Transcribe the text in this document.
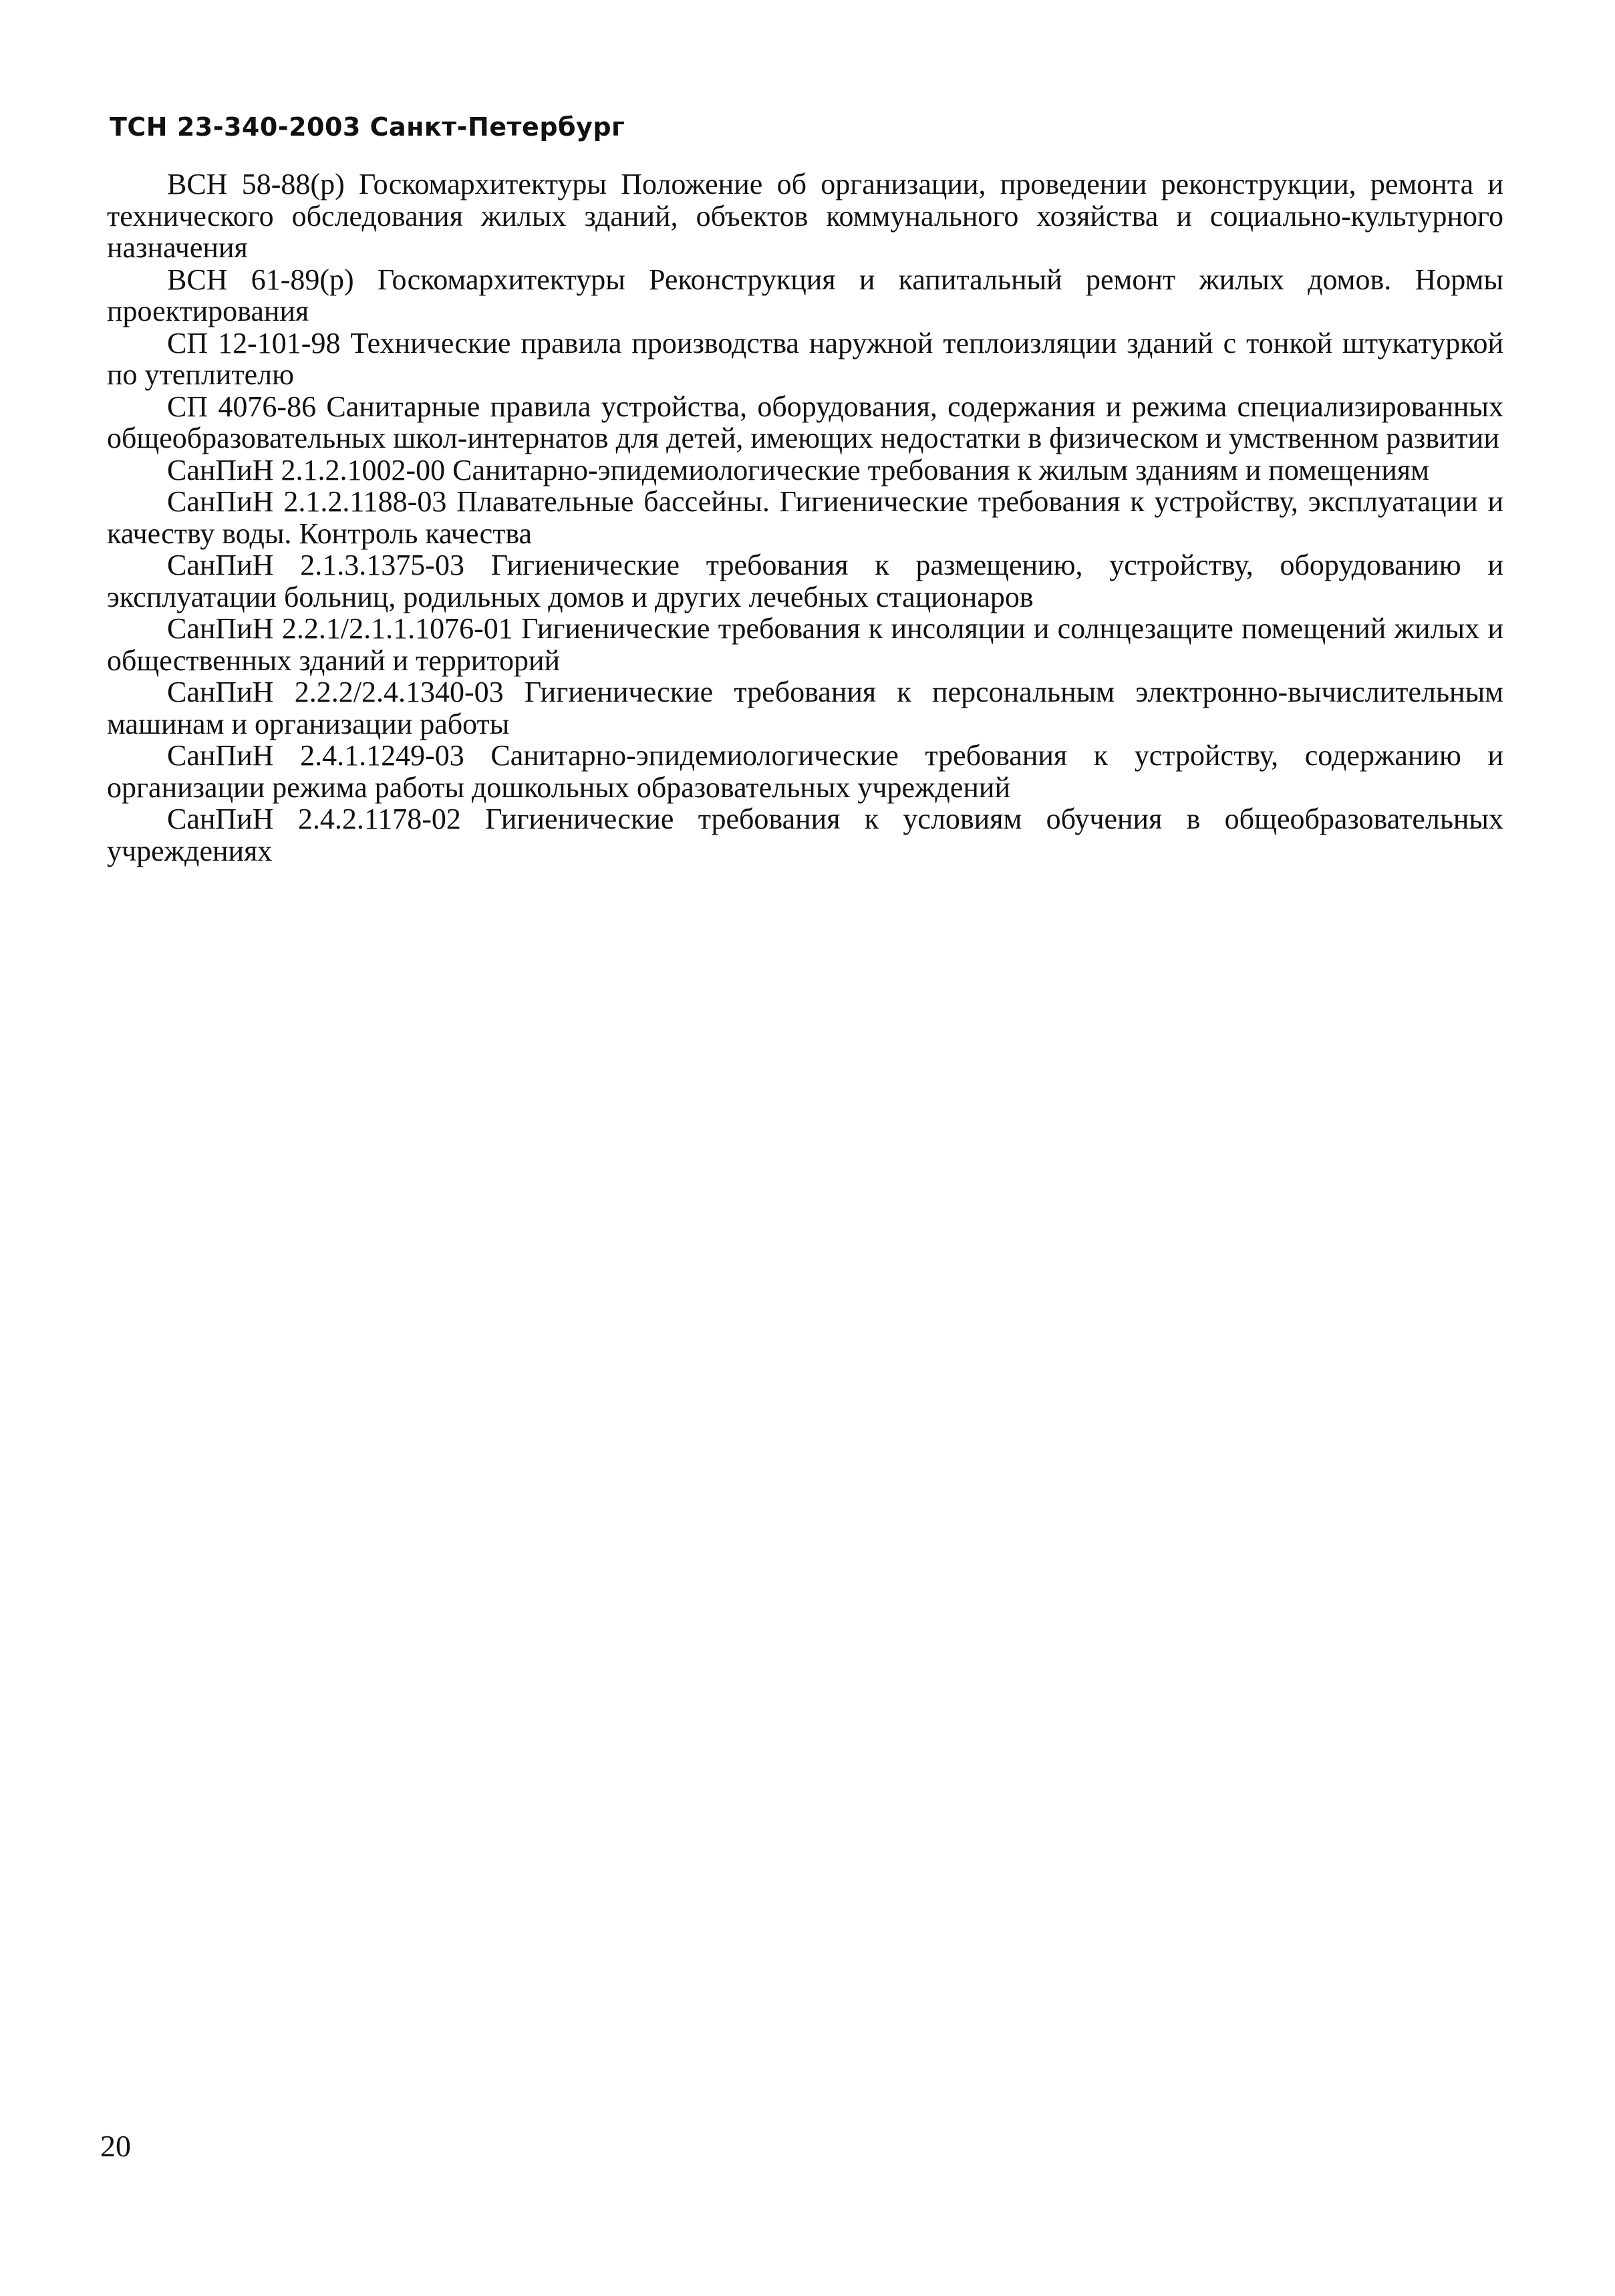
ТСН 23-340-2003 Санкт-Петербург

ВСН 58-88(р) Госкомархитектуры Положение об организации, проведении реконструкции, ремонта и технического обследования жилых зданий, объектов коммунального хозяйства и социально-культурного назначения

ВСН 61-89(р) Госкомархитектуры Реконструкция и капитальный ремонт жилых домов. Нормы проектирования

СП 12-101-98 Технические правила производства наружной теплоизляции зданий с тонкой штукатуркой по утеплителю

СП 4076-86 Санитарные правила устройства, оборудования, содержания и режима специализированных общеобразовательных школ-интернатов для детей, имеющих недостатки в физическом и умственном развитии

СанПиН 2.1.2.1002-00 Санитарно-эпидемиологические требования к жилым зданиям и помещениям

СанПиН 2.1.2.1188-03 Плавательные бассейны. Гигиенические требования к устройству, эксплуатации и качеству воды. Контроль качества

СанПиН 2.1.3.1375-03 Гигиенические требования к размещению, устройству, оборудованию и эксплуатации больниц, родильных домов и других лечебных стационаров

СанПиН 2.2.1/2.1.1.1076-01 Гигиенические требования к инсоляции и солнцезащите помещений жилых и общественных зданий и территорий

СанПиН 2.2.2/2.4.1340-03 Гигиенические требования к персональным электронно-вычислительным машинам и организации работы

СанПиН 2.4.1.1249-03 Санитарно-эпидемиологические требования к устройству, содержанию и организации режима работы дошкольных образовательных учреждений

СанПиН 2.4.2.1178-02 Гигиенические требования к условиям обучения в общеобразовательных учреждениях

20
